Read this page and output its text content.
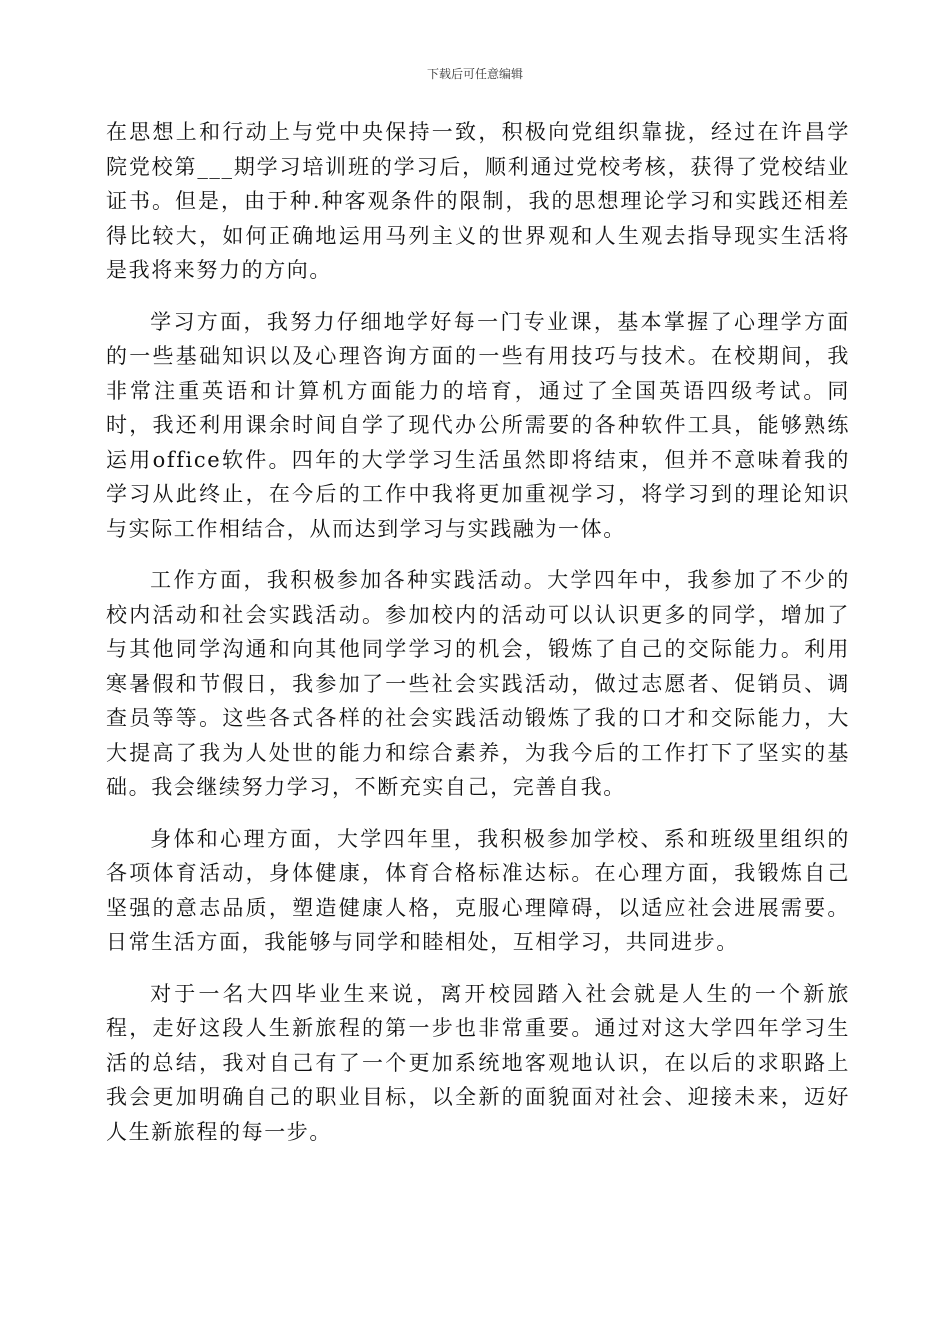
下载后可任意编辑

在思想上和行动上与党中央保持一致，积极向党组织靠拢，经过在许昌学院党校第___期学习培训班的学习后，顺利通过党校考核，获得了党校结业证书。但是，由于种.种客观条件的限制，我的思想理论学习和实践还相差得比较大，如何正确地运用马列主义的世界观和人生观去指导现实生活将是我将来努力的方向。

学习方面，我努力仔细地学好每一门专业课，基本掌握了心理学方面的一些基础知识以及心理咨询方面的一些有用技巧与技术。在校期间，我非常注重英语和计算机方面能力的培育，通过了全国英语四级考试。同时，我还利用课余时间自学了现代办公所需要的各种软件工具，能够熟练运用office软件。四年的大学学习生活虽然即将结束，但并不意味着我的学习从此终止，在今后的工作中我将更加重视学习，将学习到的理论知识与实际工作相结合，从而达到学习与实践融为一体。

工作方面，我积极参加各种实践活动。大学四年中，我参加了不少的校内活动和社会实践活动。参加校内的活动可以认识更多的同学，增加了与其他同学沟通和向其他同学学习的机会，锻炼了自己的交际能力。利用寒暑假和节假日，我参加了一些社会实践活动，做过志愿者、促销员、调查员等等。这些各式各样的社会实践活动锻炼了我的口才和交际能力，大大提高了我为人处世的能力和综合素养，为我今后的工作打下了坚实的基础。我会继续努力学习，不断充实自己，完善自我。

身体和心理方面，大学四年里，我积极参加学校、系和班级里组织的各项体育活动，身体健康，体育合格标准达标。在心理方面，我锻炼自己坚强的意志品质，塑造健康人格，克服心理障碍，以适应社会进展需要。日常生活方面，我能够与同学和睦相处，互相学习，共同进步。

对于一名大四毕业生来说，离开校园踏入社会就是人生的一个新旅程，走好这段人生新旅程的第一步也非常重要。通过对这大学四年学习生活的总结，我对自己有了一个更加系统地客观地认识，在以后的求职路上我会更加明确自己的职业目标，以全新的面貌面对社会、迎接未来，迈好人生新旅程的每一步。
